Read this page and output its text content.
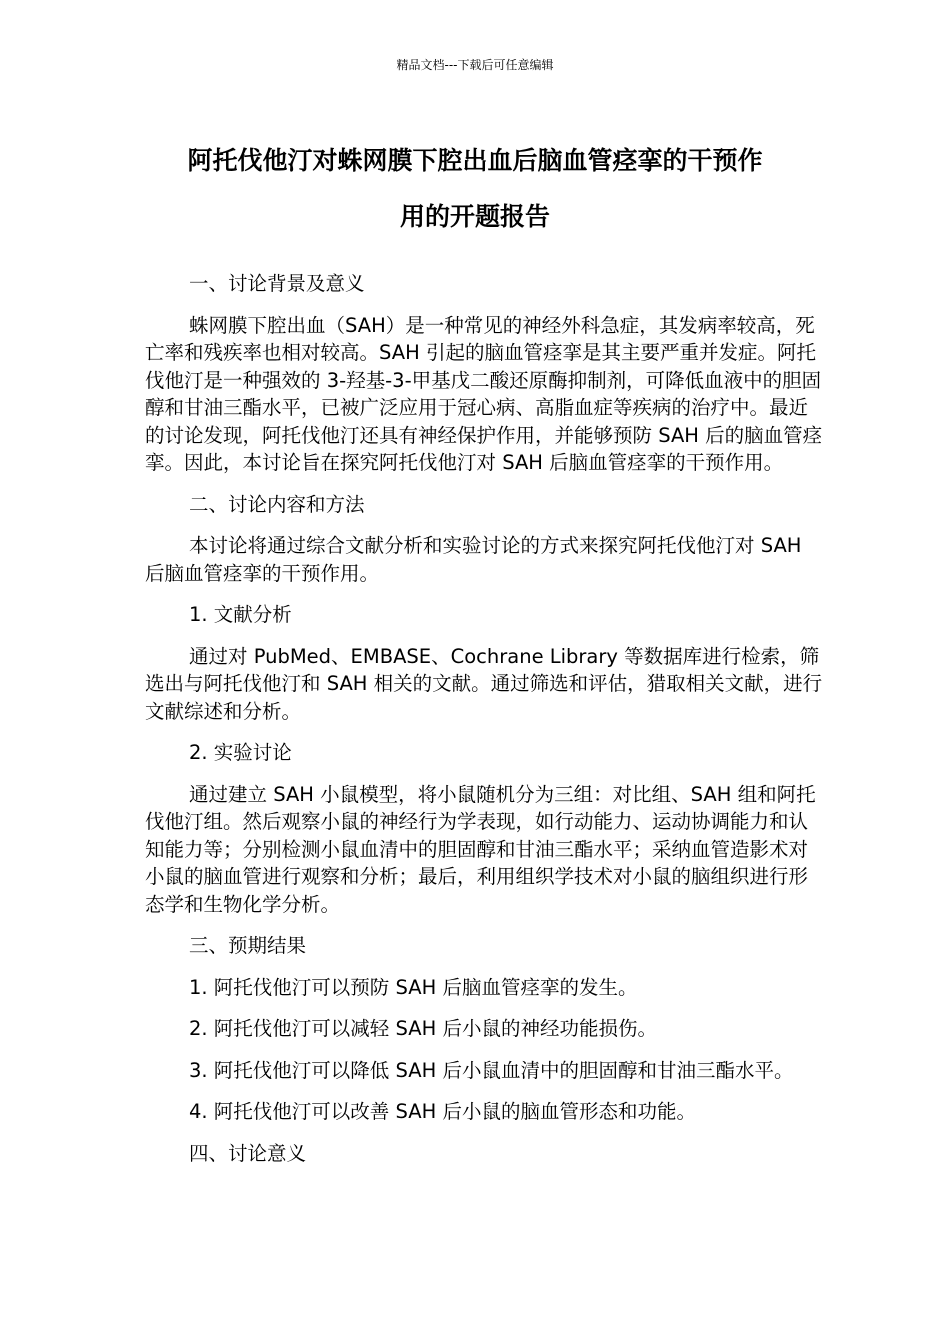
精品文档---下载后可任意编辑
阿托伐他汀对蛛网膜下腔出血后脑血管痉挛的干预作
用的开题报告

一、讨论背景及意义

蛛网膜下腔出血（SAH）是一种常见的神经外科急症，其发病率较高，死亡率和残疾率也相对较高。SAH 引起的脑血管痉挛是其主要严重并发症。阿托伐他汀是一种强效的 3-羟基-3-甲基戊二酸还原酶抑制剂，可降低血液中的胆固醇和甘油三酯水平，已被广泛应用于冠心病、高脂血症等疾病的治疗中。最近的讨论发现，阿托伐他汀还具有神经保护作用，并能够预防 SAH 后的脑血管痉挛。因此，本讨论旨在探究阿托伐他汀对 SAH 后脑血管痉挛的干预作用。

二、讨论内容和方法

本讨论将通过综合文献分析和实验讨论的方式来探究阿托伐他汀对 SAH 后脑血管痉挛的干预作用。

1. 文献分析

通过对 PubMed、EMBASE、Cochrane Library 等数据库进行检索，筛选出与阿托伐他汀和 SAH 相关的文献。通过筛选和评估，猎取相关文献，进行文献综述和分析。

2. 实验讨论

通过建立 SAH 小鼠模型，将小鼠随机分为三组：对比组、SAH 组和阿托伐他汀组。然后观察小鼠的神经行为学表现，如行动能力、运动协调能力和认知能力等；分别检测小鼠血清中的胆固醇和甘油三酯水平；采纳血管造影术对小鼠的脑血管进行观察和分析；最后，利用组织学技术对小鼠的脑组织进行形态学和生物化学分析。

三、预期结果

1. 阿托伐他汀可以预防 SAH 后脑血管痉挛的发生。

2. 阿托伐他汀可以减轻 SAH 后小鼠的神经功能损伤。

3. 阿托伐他汀可以降低 SAH 后小鼠血清中的胆固醇和甘油三酯水平。

4. 阿托伐他汀可以改善 SAH 后小鼠的脑血管形态和功能。

四、讨论意义
